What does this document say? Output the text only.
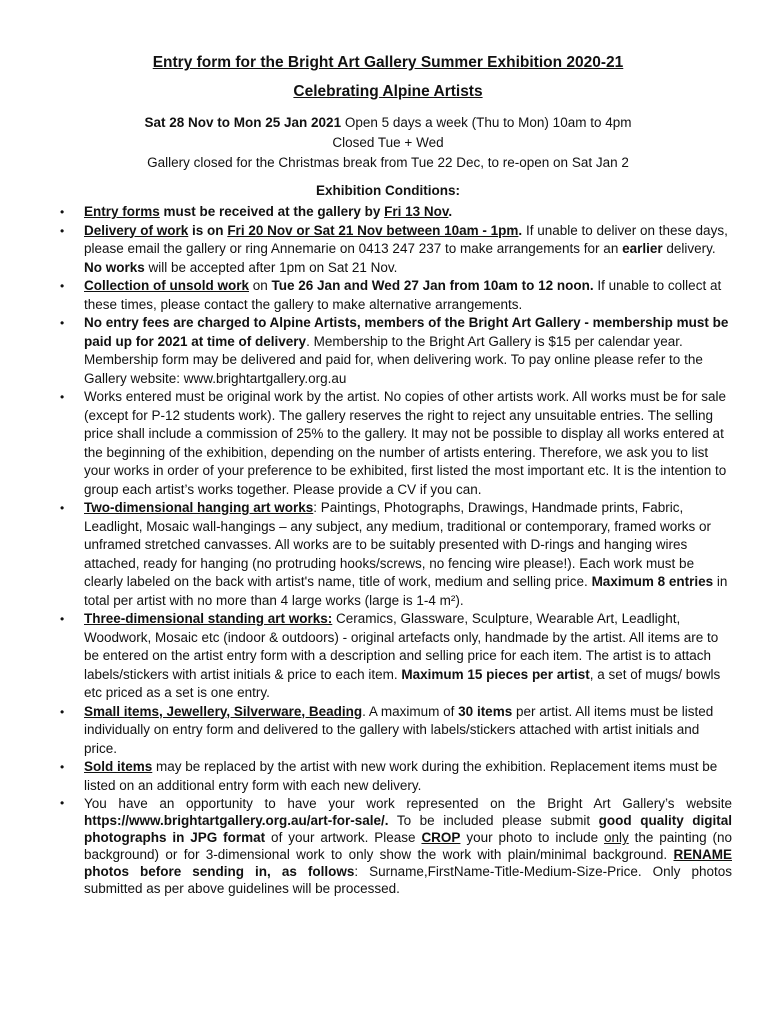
Entry form for the Bright Art Gallery Summer Exhibition 2020-21

Celebrating Alpine Artists

Sat 28 Nov to Mon 25 Jan 2021 Open 5 days a week (Thu to Mon) 10am to 4pm
Closed Tue + Wed
Gallery closed for the Christmas break from Tue 22 Dec, to re-open on Sat Jan 2
Exhibition Conditions:
• Entry forms must be received at the gallery by Fri 13 Nov.
• Delivery of work is on Fri 20 Nov or Sat 21 Nov between 10am - 1pm. If unable to deliver on these days, please email the gallery or ring Annemarie on 0413 247 237 to make arrangements for an earlier delivery. No works will be accepted after 1pm on Sat 21 Nov.
• Collection of unsold work on Tue 26 Jan and Wed 27 Jan from 10am to 12 noon. If unable to collect at these times, please contact the gallery to make alternative arrangements.
• No entry fees are charged to Alpine Artists, members of the Bright Art Gallery - membership must be paid up for 2021 at time of delivery. Membership to the Bright Art Gallery is $15 per calendar year. Membership form may be delivered and paid for, when delivering work. To pay online please refer to the Gallery website: www.brightartgallery.org.au
• Works entered must be original work by the artist. No copies of other artists work. All works must be for sale (except for P-12 students work). The gallery reserves the right to reject any unsuitable entries. The selling price shall include a commission of 25% to the gallery. It may not be possible to display all works entered at the beginning of the exhibition, depending on the number of artists entering. Therefore, we ask you to list your works in order of your preference to be exhibited, first listed the most important etc. It is the intention to group each artist’s works together. Please provide a CV if you can.
• Two-dimensional hanging art works: Paintings, Photographs, Drawings, Handmade prints, Fabric, Leadlight, Mosaic wall-hangings – any subject, any medium, traditional or contemporary, framed works or unframed stretched canvasses. All works are to be suitably presented with D-rings and hanging wires attached, ready for hanging (no protruding hooks/screws, no fencing wire please!). Each work must be clearly labeled on the back with artist's name, title of work, medium and selling price. Maximum 8 entries in total per artist with no more than 4 large works (large is 1-4 m²).
• Three-dimensional standing art works: Ceramics, Glassware, Sculpture, Wearable Art, Leadlight, Woodwork, Mosaic etc (indoor & outdoors) - original artefacts only, handmade by the artist. All items are to be entered on the artist entry form with a description and selling price for each item. The artist is to attach labels/stickers with artist initials & price to each item. Maximum 15 pieces per artist, a set of mugs/ bowls etc priced as a set is one entry.
• Small items, Jewellery, Silverware, Beading. A maximum of 30 items per artist. All items must be listed individually on entry form and delivered to the gallery with labels/stickers attached with artist initials and price.
• Sold items may be replaced by the artist with new work during the exhibition. Replacement items must be listed on an additional entry form with each new delivery.
• You have an opportunity to have your work represented on the Bright Art Gallery’s website https://www.brightartgallery.org.au/art-for-sale/. To be included please submit good quality digital photographs in JPG format of your artwork. Please CROP your photo to include only the painting (no background) or for 3-dimensional work to only show the work with plain/minimal background. RENAME photos before sending in, as follows: Surname,FirstName-Title-Medium-Size-Price. Only photos submitted as per above guidelines will be processed.
